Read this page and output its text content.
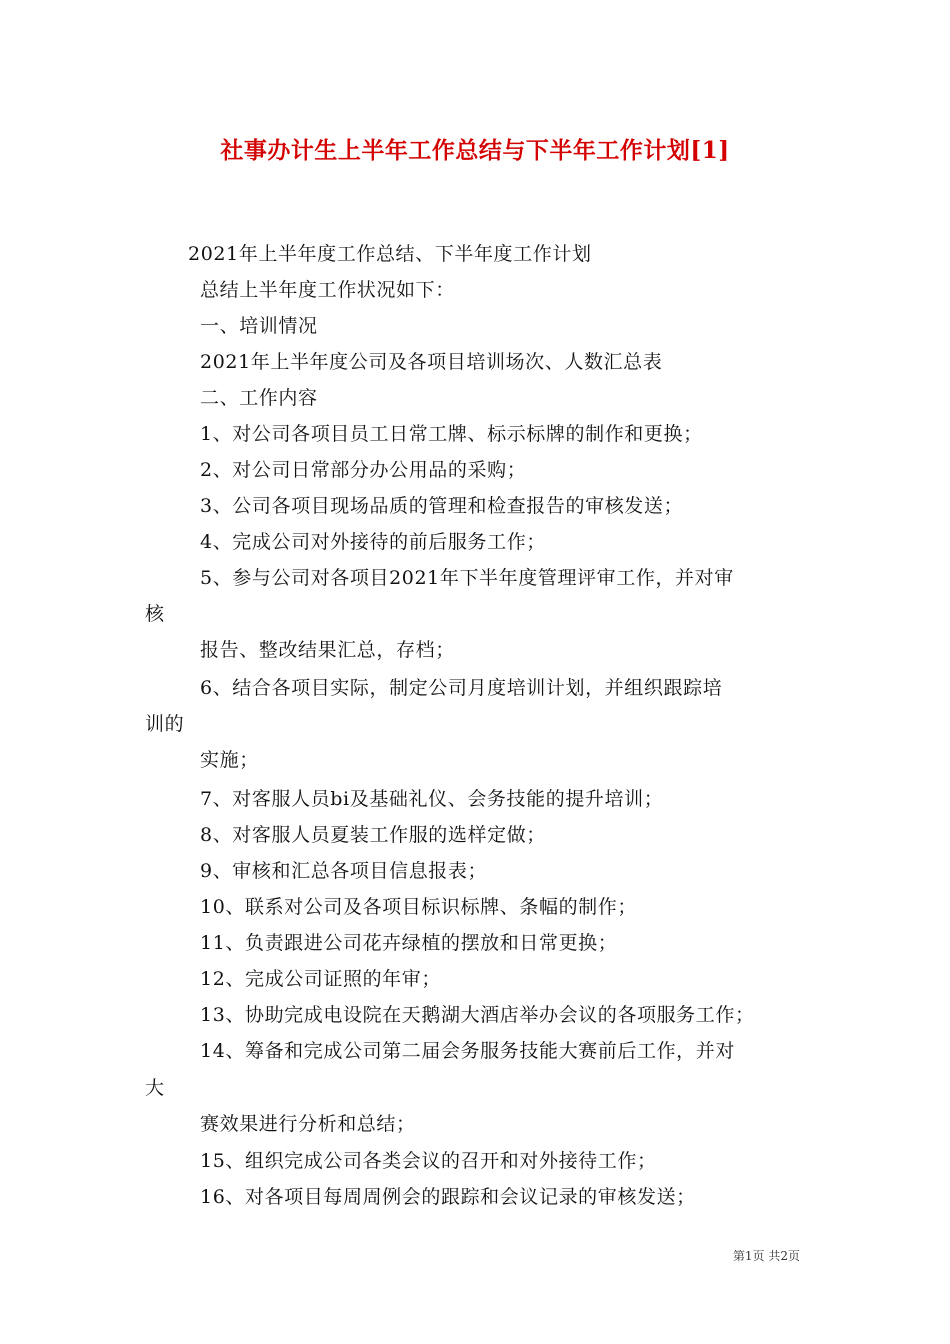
社事办计生上半年工作总结与下半年工作计划[1]
2021年上半年度工作总结、下半年度工作计划
总结上半年度工作状况如下：
一、培训情况
2021年上半年度公司及各项目培训场次、人数汇总表
二、工作内容
1、对公司各项目员工日常工牌、标示标牌的制作和更换；
2、对公司日常部分办公用品的采购；
3、公司各项目现场品质的管理和检查报告的审核发送；
4、完成公司对外接待的前后服务工作；
5、参与公司对各项目2021年下半年度管理评审工作，并对审
核
报告、整改结果汇总，存档；
6、结合各项目实际，制定公司月度培训计划，并组织跟踪培
训的
实施；
7、对客服人员bi及基础礼仪、会务技能的提升培训；
8、对客服人员夏装工作服的选样定做；
9、审核和汇总各项目信息报表；
10、联系对公司及各项目标识标牌、条幅的制作；
11、负责跟进公司花卉绿植的摆放和日常更换；
12、完成公司证照的年审；
13、协助完成电设院在天鹅湖大酒店举办会议的各项服务工作；
14、筹备和完成公司第二届会务服务技能大赛前后工作，并对
大
赛效果进行分析和总结；
15、组织完成公司各类会议的召开和对外接待工作；
16、对各项目每周周例会的跟踪和会议记录的审核发送；
第1页 共2页
